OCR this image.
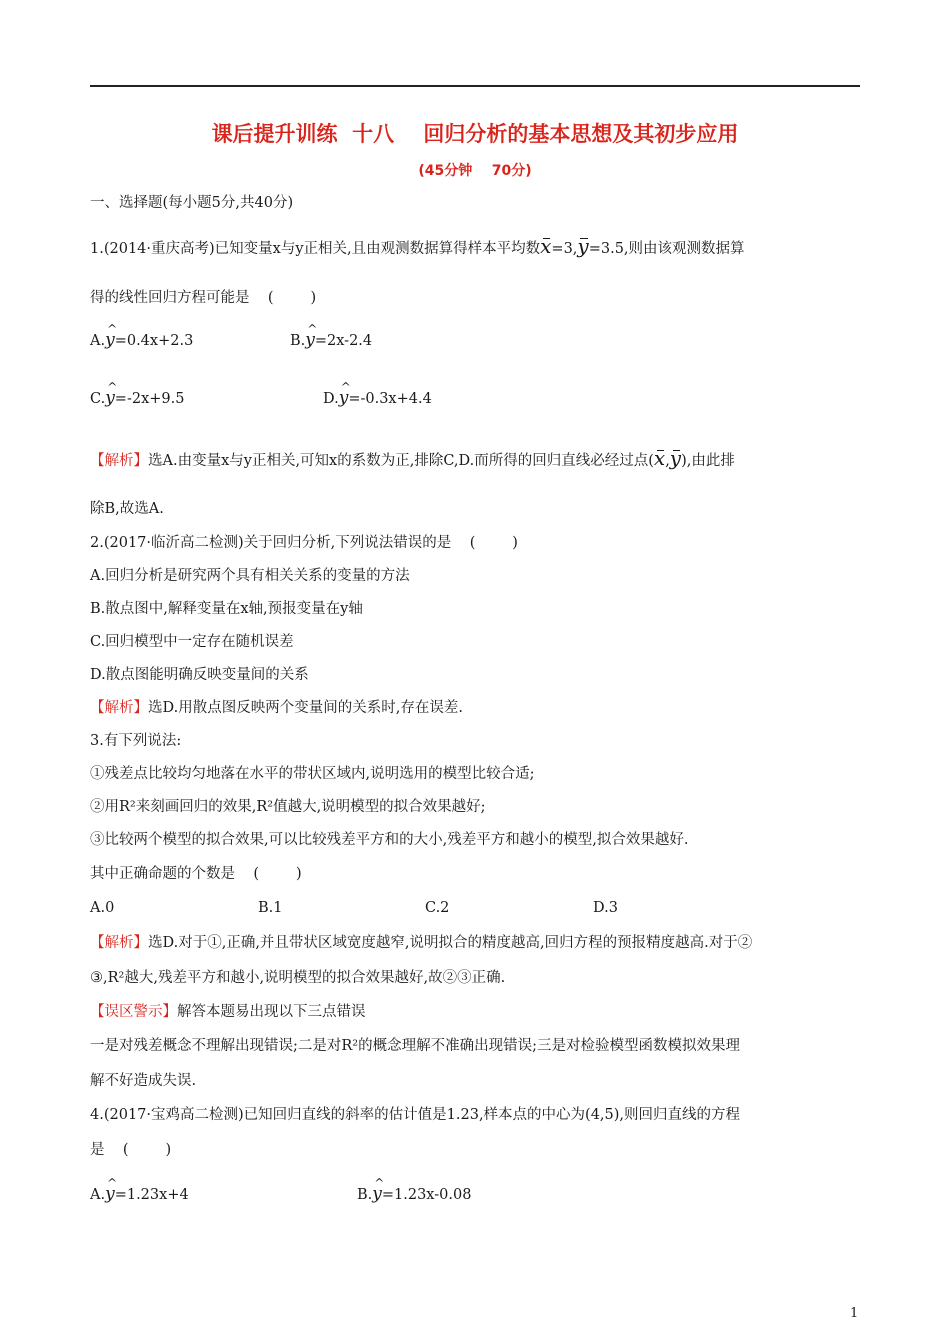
课后提升训练  十八    回归分析的基本思想及其初步应用
(45分钟    70分)
一、选择题(每小题5分,共40分)
1.(2014·重庆高考)已知变量x与y正相关,且由观测数据算得样本平均数x=3,y=3.5,则由该观测数据算
得的线性回归方程可能是    (        )
A.^ y=0.4x+2.3	B.^ y=2x-2.4
C.^ y=-2x+9.5	D.^ y=-0.3x+4.4
【解析】选A.由变量x与y正相关,可知x的系数为正,排除C,D.而所得的回归直线必经过点(x,y),由此排
除B,故选A.
2.(2017·临沂高二检测)关于回归分析,下列说法错误的是    (        )
A.回归分析是研究两个具有相关关系的变量的方法
B.散点图中,解释变量在x轴,预报变量在y轴
C.回归模型中一定存在随机误差
D.散点图能明确反映变量间的关系
【解析】选D.用散点图反映两个变量间的关系时,存在误差.
3.有下列说法:
①残差点比较均匀地落在水平的带状区域内,说明选用的模型比较合适;
②用R²来刻画回归的效果,R²值越大,说明模型的拟合效果越好;
③比较两个模型的拟合效果,可以比较残差平方和的大小,残差平方和越小的模型,拟合效果越好.
其中正确命题的个数是    (        )
A.0	B.1	C.2	D.3
【解析】选D.对于①,正确,并且带状区域宽度越窄,说明拟合的精度越高,回归方程的预报精度越高.对于②
③,R²越大,残差平方和越小,说明模型的拟合效果越好,故②③正确.
【误区警示】解答本题易出现以下三点错误
一是对残差概念不理解出现错误;二是对R²的概念理解不准确出现错误;三是对检验模型函数模拟效果理
解不好造成失误.
4.(2017·宝鸡高二检测)已知回归直线的斜率的估计值是1.23,样本点的中心为(4,5),则回归直线的方程
是    (        )
A.^ y=1.23x+4	B.^ y=1.23x-0.08
1
